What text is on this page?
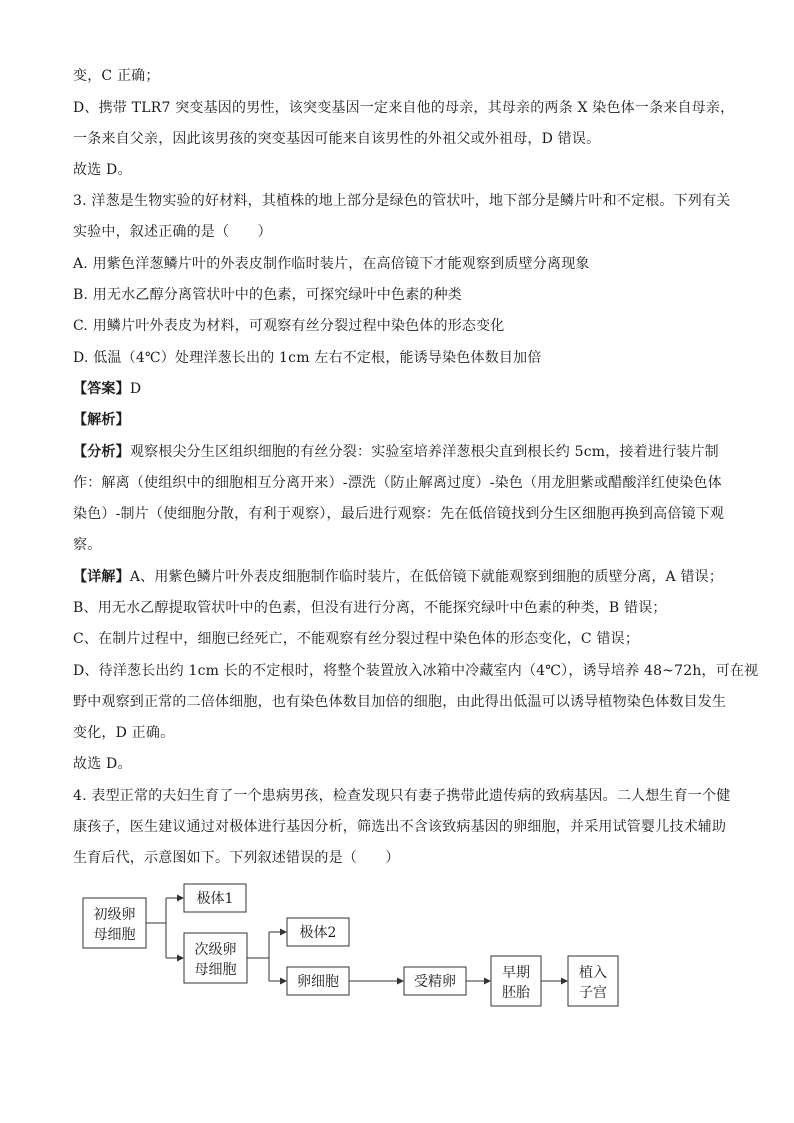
变，C 正确；
D、携带 TLR7 突变基因的男性，该突变基因一定来自他的母亲，其母亲的两条 X 染色体一条来自母亲，
一条来自父亲，因此该男孩的突变基因可能来自该男性的外祖父或外祖母，D 错误。
故选 D。
3. 洋葱是生物实验的好材料，其植株的地上部分是绿色的管状叶，地下部分是鳞片叶和不定根。下列有关
实验中，叙述正确的是（　　）
A. 用紫色洋葱鳞片叶的外表皮制作临时装片，在高倍镜下才能观察到质壁分离现象
B. 用无水乙醇分离管状叶中的色素，可探究绿叶中色素的种类
C. 用鳞片叶外表皮为材料，可观察有丝分裂过程中染色体的形态变化
D. 低温（4℃）处理洋葱长出的 1cm 左右不定根，能诱导染色体数目加倍
【答案】D
【解析】
【分析】观察根尖分生区组织细胞的有丝分裂：实验室培养洋葱根尖直到根长约 5cm，接着进行装片制
作：解离（使组织中的细胞相互分离开来）-漂洗（防止解离过度）-染色（用龙胆紫或醋酸洋红使染色体
染色）-制片（使细胞分散，有利于观察），最后进行观察：先在低倍镜找到分生区细胞再换到高倍镜下观
察。
【详解】A、用紫色鳞片叶外表皮细胞制作临时装片，在低倍镜下就能观察到细胞的质壁分离，A 错误；
B、用无水乙醇提取管状叶中的色素，但没有进行分离，不能探究绿叶中色素的种类，B 错误；
C、在制片过程中，细胞已经死亡，不能观察有丝分裂过程中染色体的形态变化，C 错误；
D、待洋葱长出约 1cm 长的不定根时，将整个装置放入冰箱中冷藏室内（4℃），诱导培养 48~72h，可在视
野中观察到正常的二倍体细胞，也有染色体数目加倍的细胞，由此得出低温可以诱导植物染色体数目发生
变化，D 正确。
故选 D。
4. 表型正常的夫妇生育了一个患病男孩，检查发现只有妻子携带此遗传病的致病基因。二人想生育一个健
康孩子，医生建议通过对极体进行基因分析，筛选出不含该致病基因的卵细胞，并采用试管婴儿技术辅助
生育后代，示意图如下。下列叙述错误的是（　　）
初级卵
母细胞
极体1
次级卵
母细胞
极体2
卵细胞	受精卵
早期
胚胎
植入
子宫
